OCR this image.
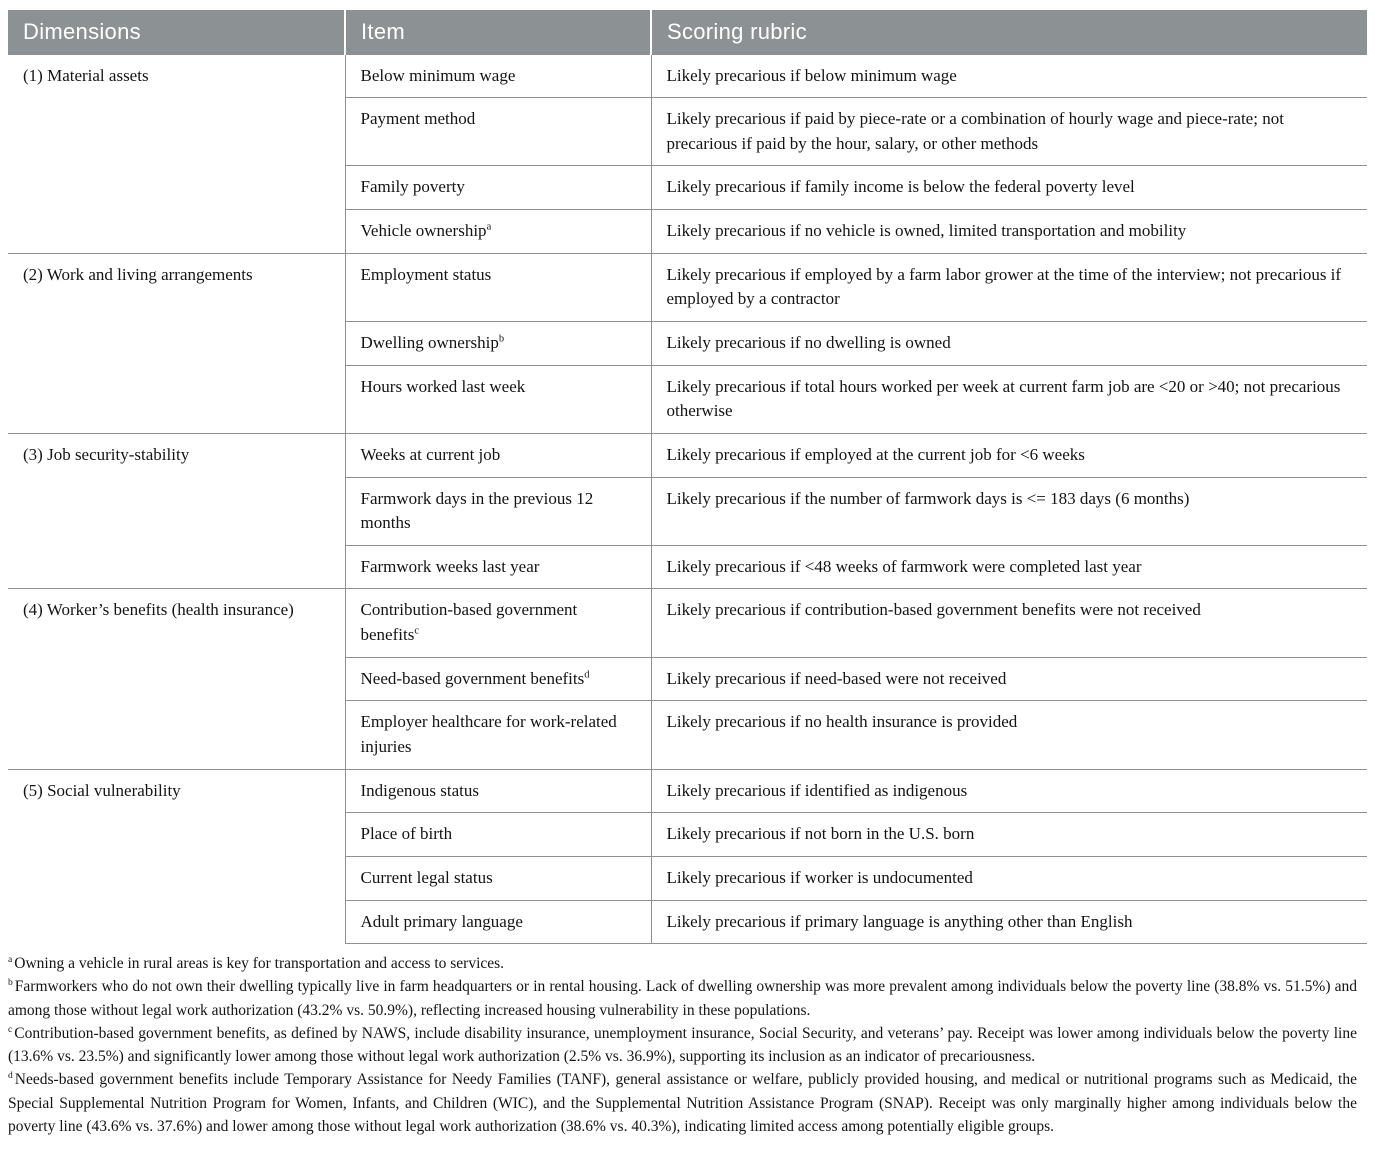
Dimensions	Item	Scoring rubric
(1) Material assets	Below minimum wage	Likely precarious if below minimum wage
	Payment method	Likely precarious if paid by piece-rate or a combination of hourly wage and piece-rate; not precarious if paid by the hour, salary, or other methods
	Family poverty	Likely precarious if family income is below the federal poverty level
	Vehicle ownership$^a$	Likely precarious if no vehicle is owned, limited transportation and mobility
(2) Work and living arrangements	Employment status	Likely precarious if employed by a farm labor grower at the time of the interview; not precarious if employed by a contractor
	Dwelling ownership$^b$	Likely precarious if no dwelling is owned
	Hours worked last week	Likely precarious if total hours worked per week at current farm job are <20 or >40; not precarious otherwise
(3) Job security-stability	Weeks at current job	Likely precarious if employed at the current job for <6 weeks
	Farmwork days in the previous 12 months	Likely precarious if the number of farmwork days is <= 183 days (6 months)
	Farmwork weeks last year	Likely precarious if <48 weeks of farmwork were completed last year
(4) Worker’s benefits (health insurance)	Contribution-based government benefits$^c$	Likely precarious if contribution-based government benefits were not received
	Need-based government benefits$^d$	Likely precarious if need-based were not received
	Employer healthcare for work-related injuries	Likely precarious if no health insurance is provided
(5) Social vulnerability	Indigenous status	Likely precarious if identified as indigenous
	Place of birth	Likely precarious if not born in the U.S. born
	Current legal status	Likely precarious if worker is undocumented
	Adult primary language	Likely precarious if primary language is anything other than English
$^a$ Owning a vehicle in rural areas is key for transportation and access to services.
$^b$ Farmworkers who do not own their dwelling typically live in farm headquarters or in rental housing. Lack of dwelling ownership was more prevalent among individuals below the poverty line (38.8% vs. 51.5%) and among those without legal work authorization (43.2% vs. 50.9%), reflecting increased housing vulnerability in these populations.
$^c$ Contribution-based government benefits, as defined by NAWS, include disability insurance, unemployment insurance, Social Security, and veterans’ pay. Receipt was lower among individuals below the poverty line (13.6% vs. 23.5%) and significantly lower among those without legal work authorization (2.5% vs. 36.9%), supporting its inclusion as an indicator of precariousness.
$^d$ Needs-based government benefits include Temporary Assistance for Needy Families (TANF), general assistance or welfare, publicly provided housing, and medical or nutritional programs such as Medicaid, the Special Supplemental Nutrition Program for Women, Infants, and Children (WIC), and the Supplemental Nutrition Assistance Program (SNAP). Receipt was only marginally higher among individuals below the poverty line (43.6% vs. 37.6%) and lower among those without legal work authorization (38.6% vs. 40.3%), indicating limited access among potentially eligible groups.
